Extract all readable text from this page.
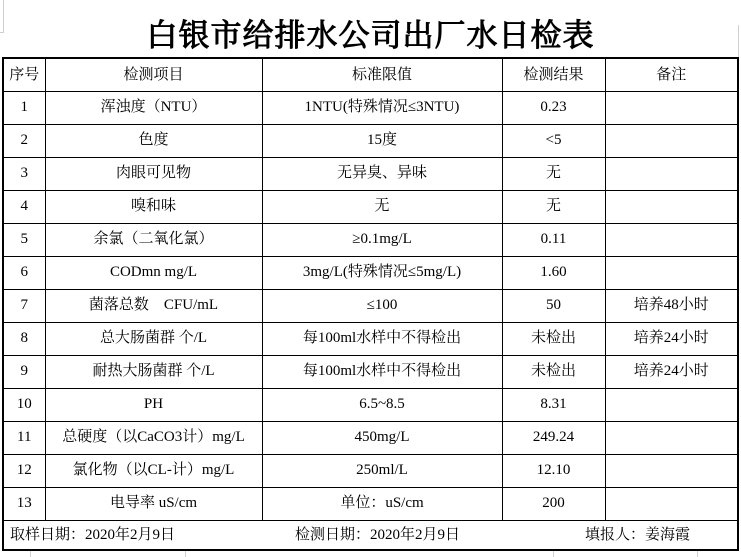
白银市给排水公司出厂水日检表
序号	检测项目	标准限值	检测结果	备注
1	浑浊度（NTU）	1NTU(特殊情况≤3NTU)	0.23	
2	色度	15度	<5	
3	肉眼可见物	无异臭、异味	无	
4	嗅和味	无	无	
5	余氯（二氧化氯）	≥0.1mg/L	0.11	
6	CODmn mg/L	3mg/L(特殊情况≤5mg/L)	1.60	
7	菌落总数　CFU/mL	≤100	50	培养48小时
8	总大肠菌群 个/L	每100ml水样中不得检出	未检出	培养24小时
9	耐热大肠菌群 个/L	每100ml水样中不得检出	未检出	培养24小时
10	PH	6.5~8.5	8.31	
11	总硬度（以CaCO3计）mg/L	450mg/L	249.24	
12	氯化物（以CL-计）mg/L	250ml/L	12.10	
13	电导率 uS/cm	单位：uS/cm	200	

取样日期：2020年2月9日 检测日期：2020年2月9日 填报人：姜海霞				
